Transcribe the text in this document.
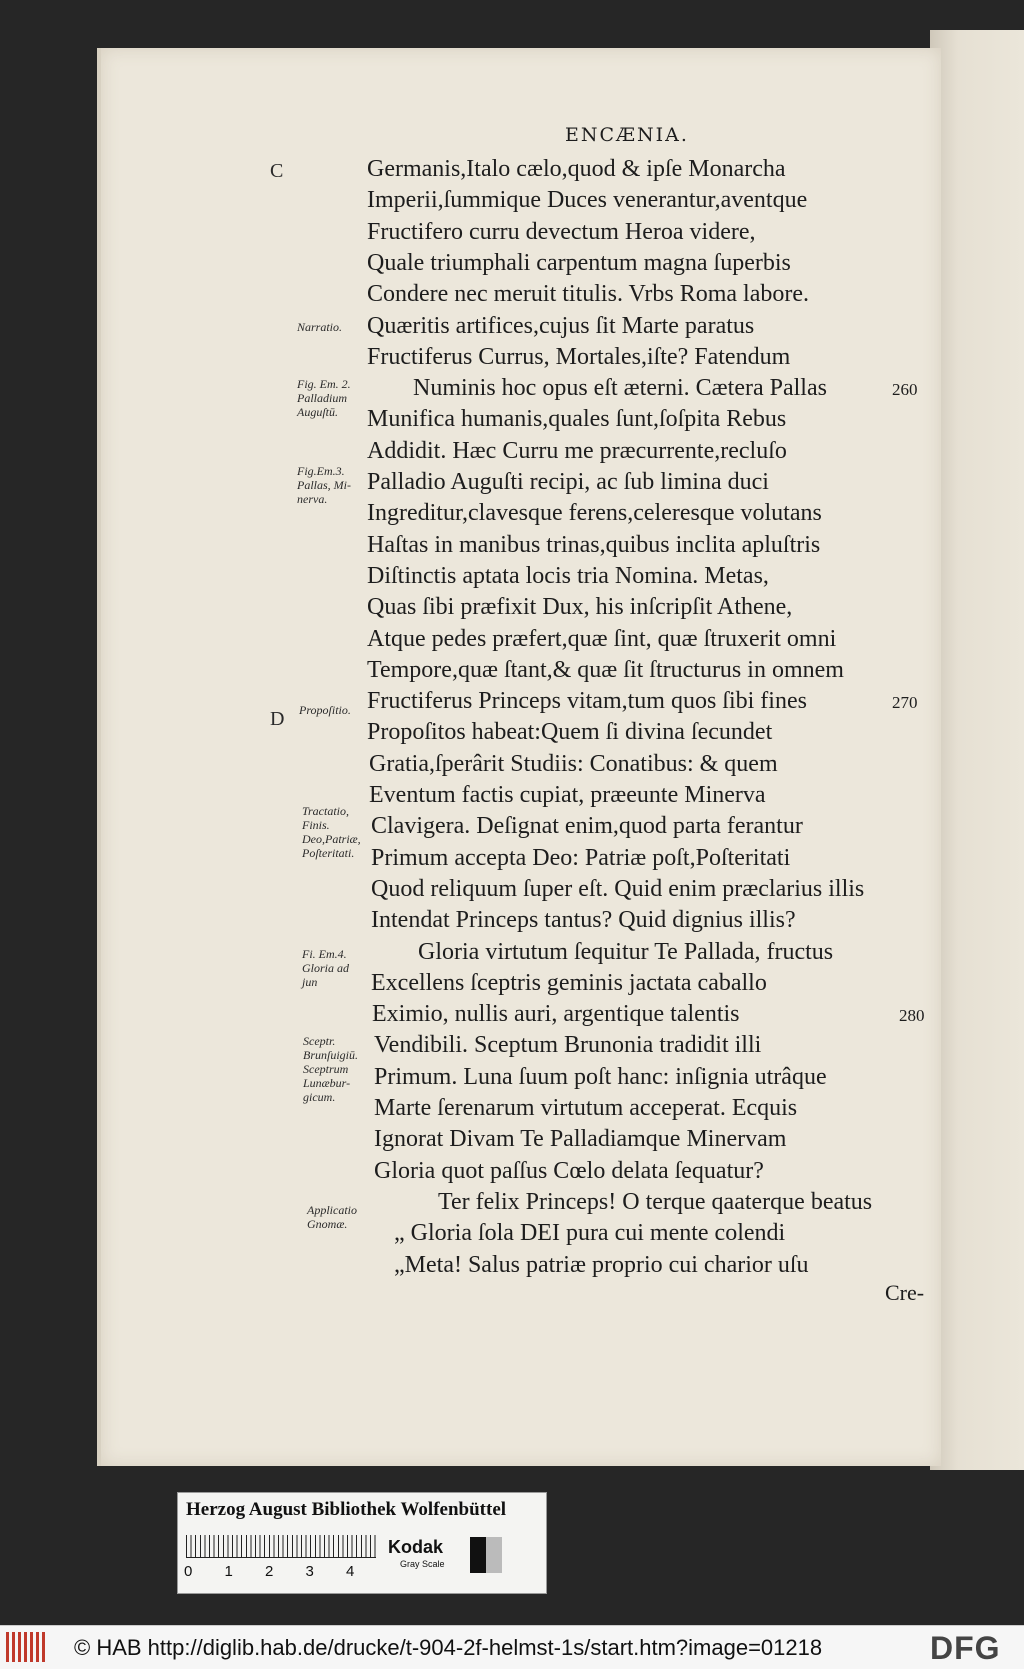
ENCÆNIA.
Germanis,Italo cælo,quod & ipſe Monarcha
Imperii,ſummique Duces venerantur,aventque
Fructifero curru devectum Heroa videre,
Quale triumphali carpentum magna ſuperbis
Condere nec meruit titulis. Vrbs Roma labore.
Quæritis artifices,cujus ſit Marte paratus
Fructiferus Currus, Mortales,iſte? Fatendum
Numinis hoc opus eſt æterni. Cætera Pallas
Munifica humanis,quales ſunt,ſoſpita Rebus
Addidit. Hæc Curru me præcurrente,recluſo
Palladio Auguſti recipi, ac ſub limina duci
Ingreditur,clavesque ferens,celeresque volutans
Haſtas in manibus trinas,quibus inclita apluſtris
Diſtinctis aptata locis tria Nomina. Metas,
Quas ſibi præfixit Dux, his inſcripſit Athene,
Atque pedes præfert,quæ ſint, quæ ſtruxerit omni
Tempore,quæ ſtant,& quæ ſit ſtructurus in omnem
Fructiferus Princeps vitam,tum quos ſibi fines
Propoſitos habeat:Quem ſi divina ſecundet
Gratia,ſperârit Studiis: Conatibus: & quem
Eventum factis cupiat, præeunte Minerva
Clavigera. Deſignat enim,quod parta ferantur
Primum accepta Deo: Patriæ poſt,Poſteritati
Quod reliquum ſuper eſt. Quid enim præclarius illis
Intendat Princeps tantus? Quid dignius illis?
Gloria virtutum ſequitur Te Pallada, fructus
Excellens ſceptris geminis jactata caballo
Eximio, nullis auri, argentique talentis
Vendibili. Sceptum Brunonia tradidit illi
Primum. Luna ſuum poſt hanc: inſignia utrâque
Marte ſerenarum virtutum acceperat. Ecquis
Ignorat Divam Te Palladiamque Minervam
Gloria quot paſſus Cœlo delata ſequatur?
Ter felix Princeps! O terque qaaterque beatus
„ Gloria ſola DEI pura cui mente colendi
„Meta! Salus patriæ proprio cui charior uſu
260
270
280
C
D
Narratio.
Fig. Em. 2. Palladium Auguſtū.
Fig.Em.3. Pallas, Mi- nerva.
Propoſitio.
Tractatio, Finis. Deo,Patriæ, Poſteritati.
Fi. Em.4. Gloria ad jun
Sceptr. Brunſuigiū. Sceptrum Lunæbur- gicum.
Applicatio Gnomæ.
Cre-
Herzog August Bibliothek Wolfenbüttel
0 1 2 3 4
Kodak
Gray Scale
© HAB http://diglib.hab.de/drucke/t-904-2f-helmst-1s/start.htm?image=01218	DFG
